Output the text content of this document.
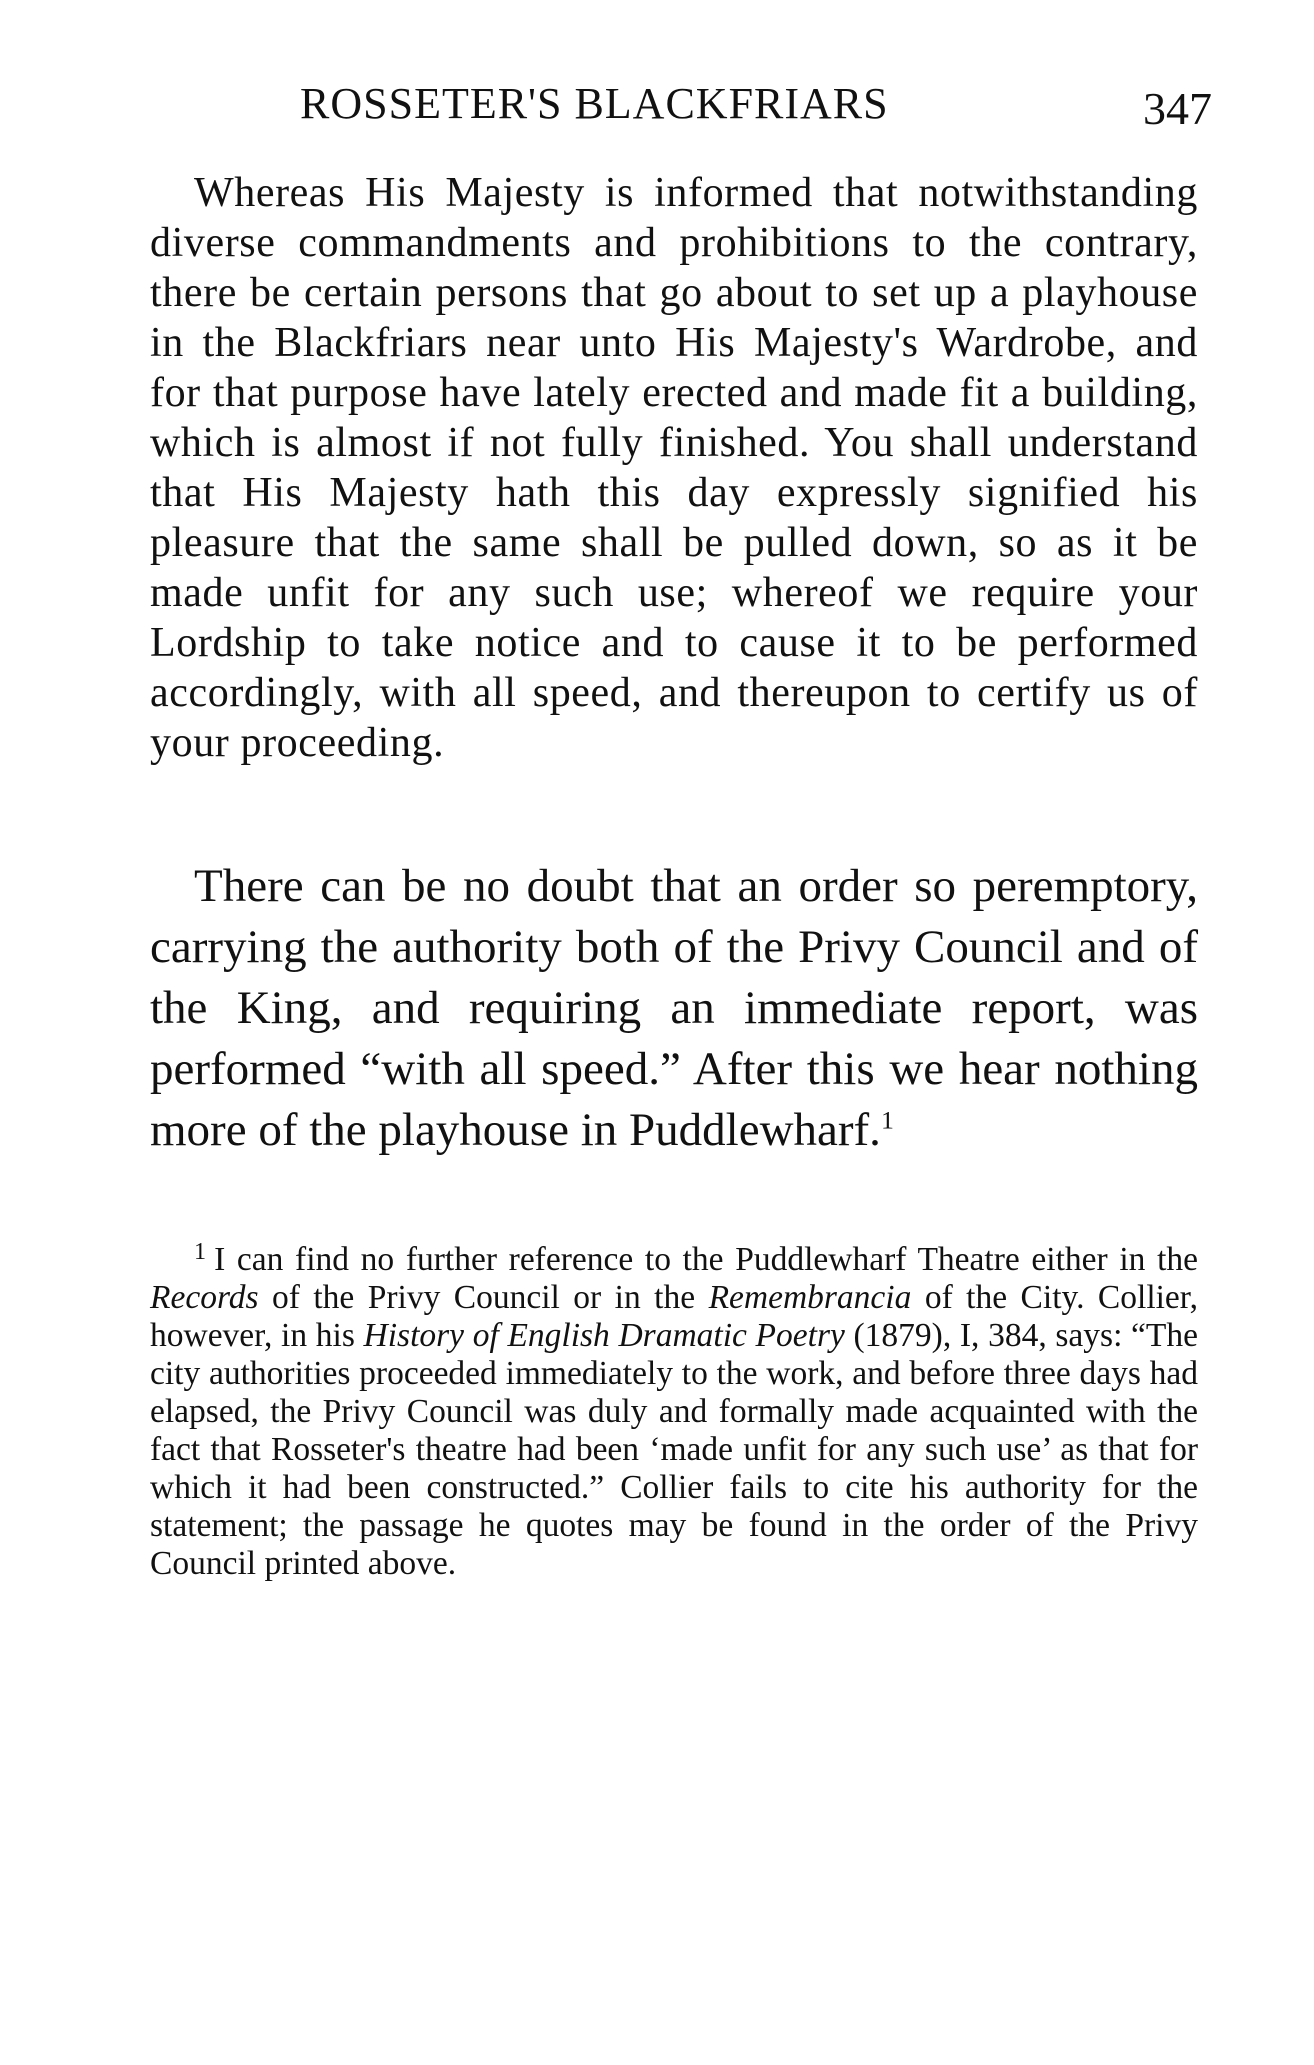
ROSSETER'S BLACKFRIARS	347

Whereas His Majesty is informed that notwithstanding diverse commandments and prohibitions to the contrary, there be certain persons that go about to set up a playhouse in the Blackfriars near unto His Majesty's Wardrobe, and for that purpose have lately erected and made fit a building, which is almost if not fully finished. You shall understand that His Majesty hath this day expressly signified his pleasure that the same shall be pulled down, so as it be made unfit for any such use; whereof we require your Lordship to take notice and to cause it to be performed accordingly, with all speed, and thereupon to certify us of your proceeding.

There can be no doubt that an order so peremptory, carrying the authority both of the Privy Council and of the King, and requiring an immediate report, was performed “with all speed.” After this we hear nothing more of the playhouse in Puddlewharf.$^1$

$^1$ I can find no further reference to the Puddlewharf Theatre either in the Records of the Privy Council or in the Remembrancia of the City. Collier, however, in his History of English Dramatic Poetry (1879), I, 384, says: “The city authorities proceeded immediately to the work, and before three days had elapsed, the Privy Council was duly and formally made acquainted with the fact that Rosseter's theatre had been ‘made unfit for any such use’ as that for which it had been constructed.” Collier fails to cite his authority for the statement; the passage he quotes may be found in the order of the Privy Council printed above.
